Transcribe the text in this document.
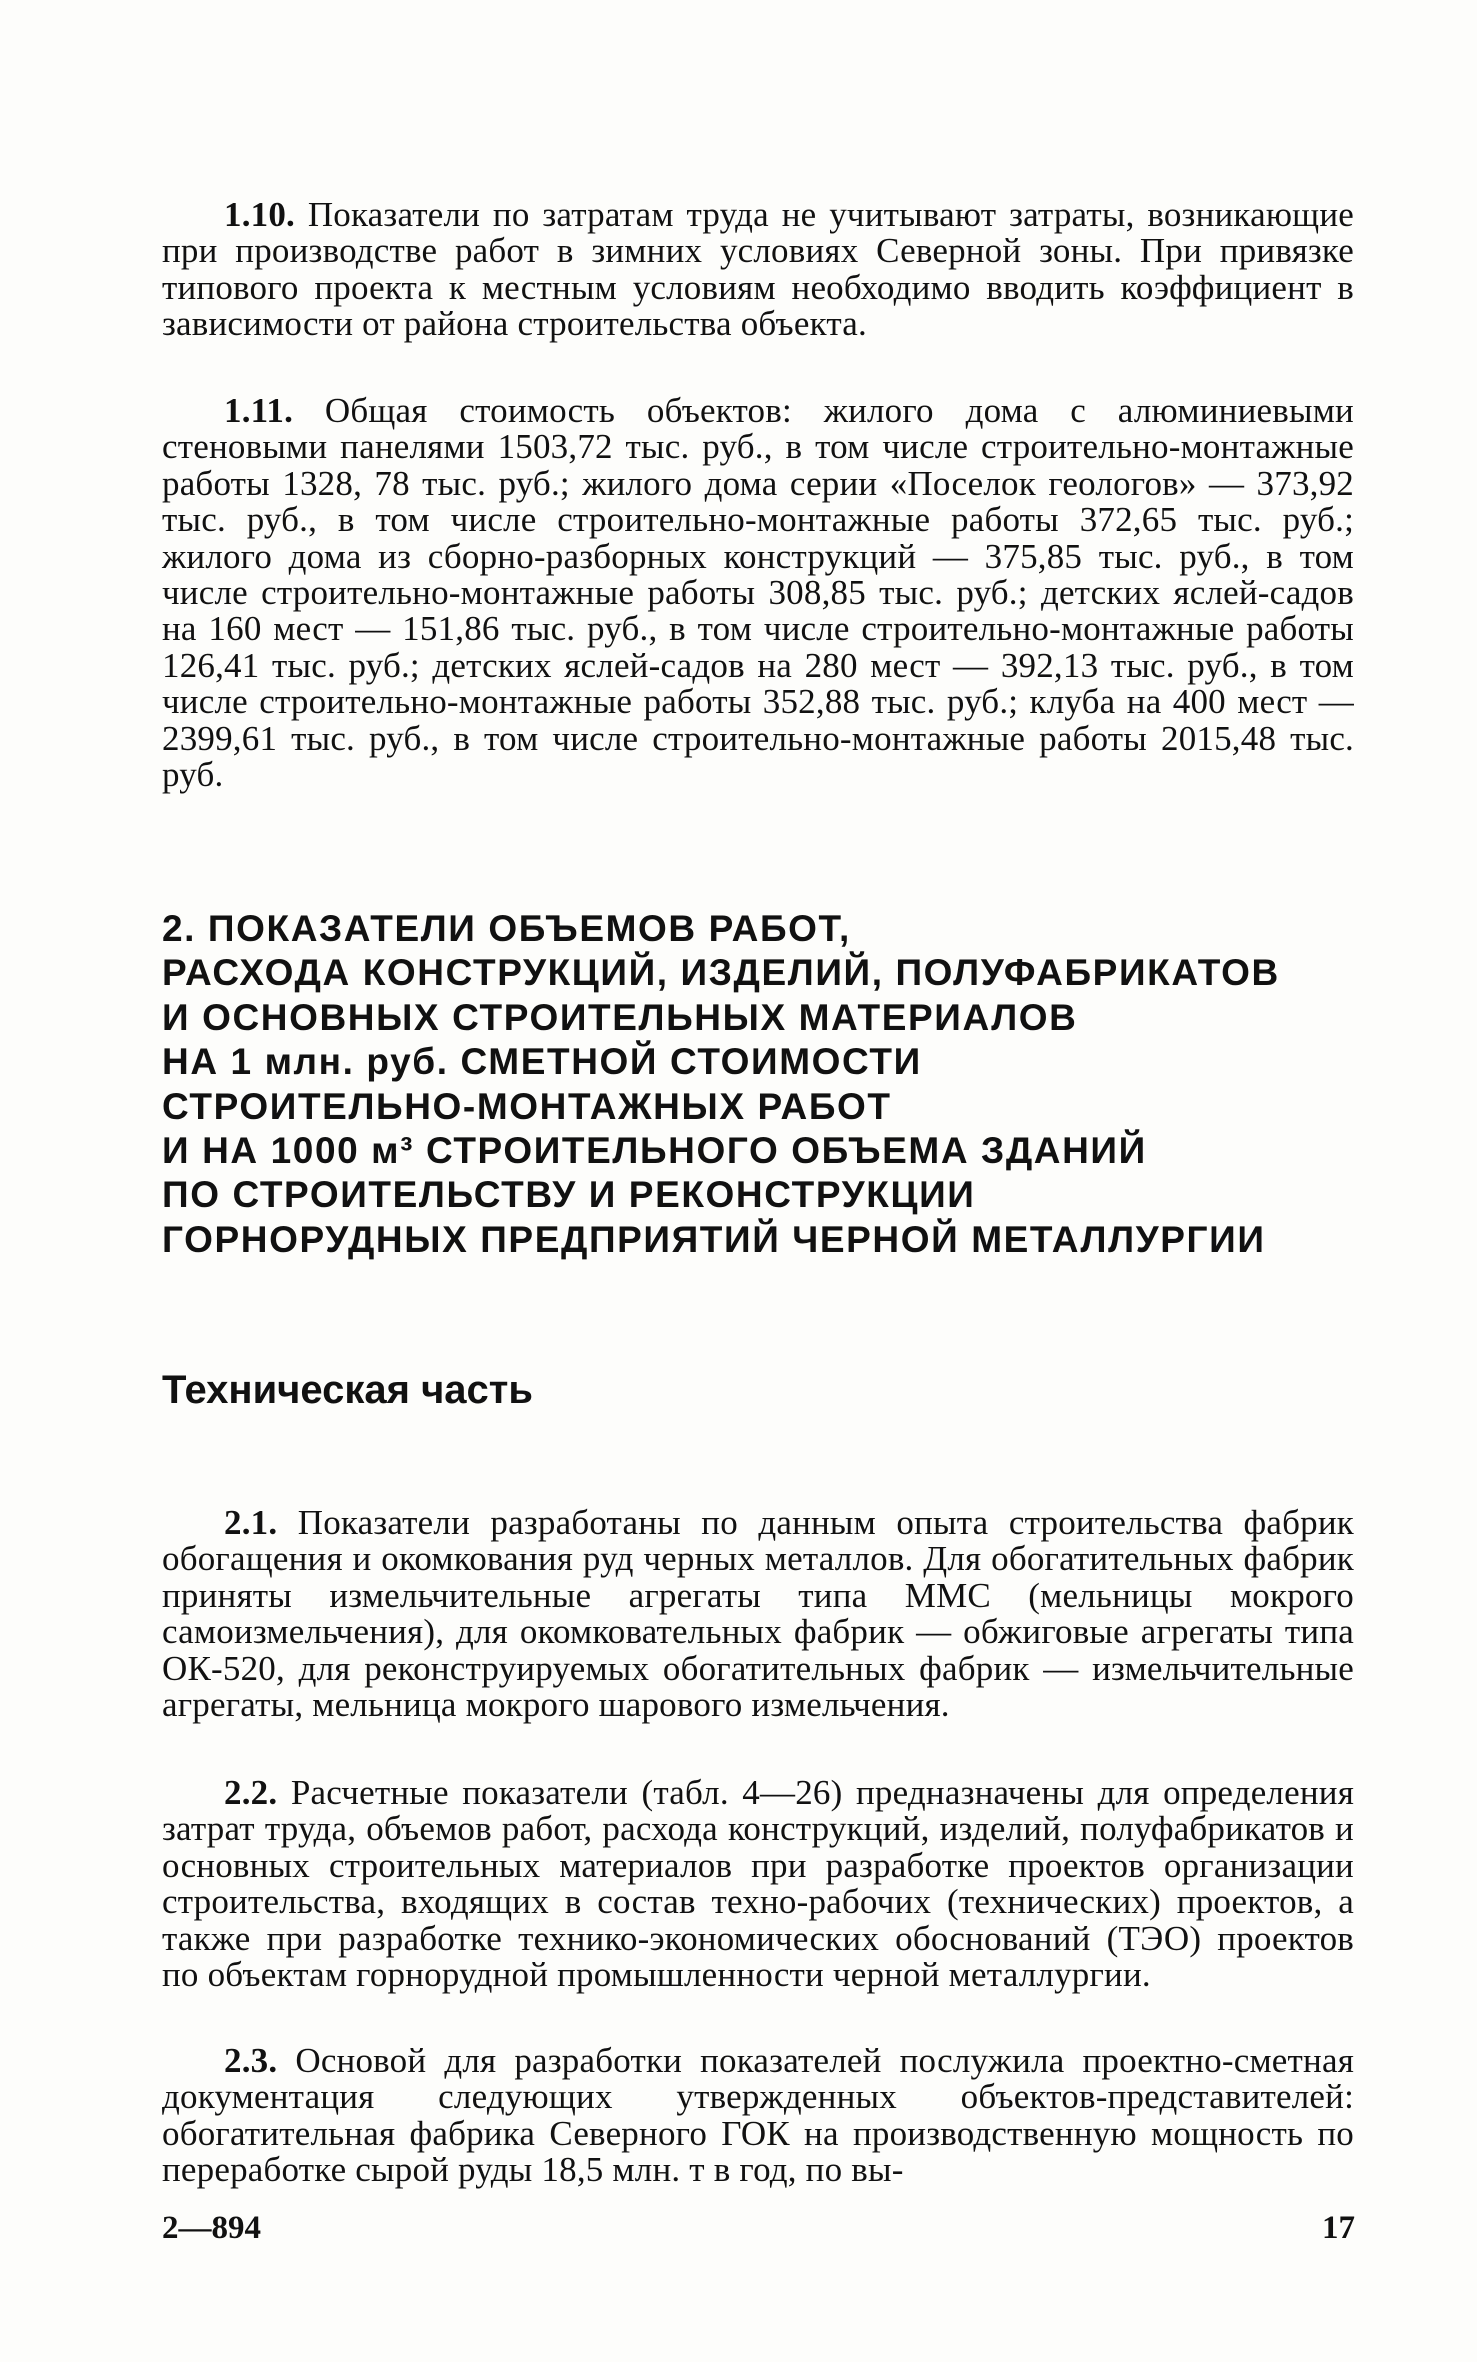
1.10. Показатели по затратам труда не учитывают затраты, возникающие при производстве работ в зимних условиях Северной зоны. При привязке типового проекта к местным условиям необходимо вводить коэффициент в зависимости от района строительства объекта.

1.11. Общая стоимость объектов: жилого дома с алюминиевыми стеновыми панелями 1503,72 тыс. руб., в том числе строительно-монтажные работы 1328, 78 тыс. руб.; жилого дома серии «Поселок геологов» — 373,92 тыс. руб., в том числе строительно-монтажные работы 372,65 тыс. руб.; жилого дома из сборно-разборных конструкций — 375,85 тыс. руб., в том числе строительно-монтажные работы 308,85 тыс. руб.; детских яслей-садов на 160 мест — 151,86 тыс. руб., в том числе строительно-монтажные работы 126,41 тыс. руб.; детских яслей-садов на 280 мест — 392,13 тыс. руб., в том числе строительно-монтажные работы 352,88 тыс. руб.; клуба на 400 мест — 2399,61 тыс. руб., в том числе строительно-монтажные работы 2015,48 тыс. руб.

2. ПОКАЗАТЕЛИ ОБЪЕМОВ РАБОТ,
РАСХОДА КОНСТРУКЦИЙ, ИЗДЕЛИЙ, ПОЛУФАБРИКАТОВ
И ОСНОВНЫХ СТРОИТЕЛЬНЫХ МАТЕРИАЛОВ
НА 1 млн. руб. СМЕТНОЙ СТОИМОСТИ
СТРОИТЕЛЬНО-МОНТАЖНЫХ РАБОТ
И НА 1000 м³ СТРОИТЕЛЬНОГО ОБЪЕМА ЗДАНИЙ
ПО СТРОИТЕЛЬСТВУ И РЕКОНСТРУКЦИИ
ГОРНОРУДНЫХ ПРЕДПРИЯТИЙ ЧЕРНОЙ МЕТАЛЛУРГИИ
Техническая часть

2.1. Показатели разработаны по данным опыта строительства фабрик обогащения и окомкования руд черных металлов. Для обогатительных фабрик приняты измельчительные агрегаты типа ММС (мельницы мокрого самоизмельчения), для окомковательных фабрик — обжиговые агрегаты типа ОК-520, для реконструируемых обогатительных фабрик — измельчительные агрегаты, мельница мокрого шарового измельчения.

2.2. Расчетные показатели (табл. 4—26) предназначены для определения затрат труда, объемов работ, расхода конструкций, изделий, полуфабрикатов и основных строительных материалов при разработке проектов организации строительства, входящих в состав техно-рабочих (технических) проектов, а также при разработке технико-экономических обоснований (ТЭО) проектов по объектам горнорудной промышленности черной металлургии.

2.3. Основой для разработки показателей послужила проектно-сметная документация следующих утвержденных объектов-представителей: обогатительная фабрика Северного ГОК на производственную мощность по переработке сырой руды 18,5 млн. т в год, по вы-

2—894	17
